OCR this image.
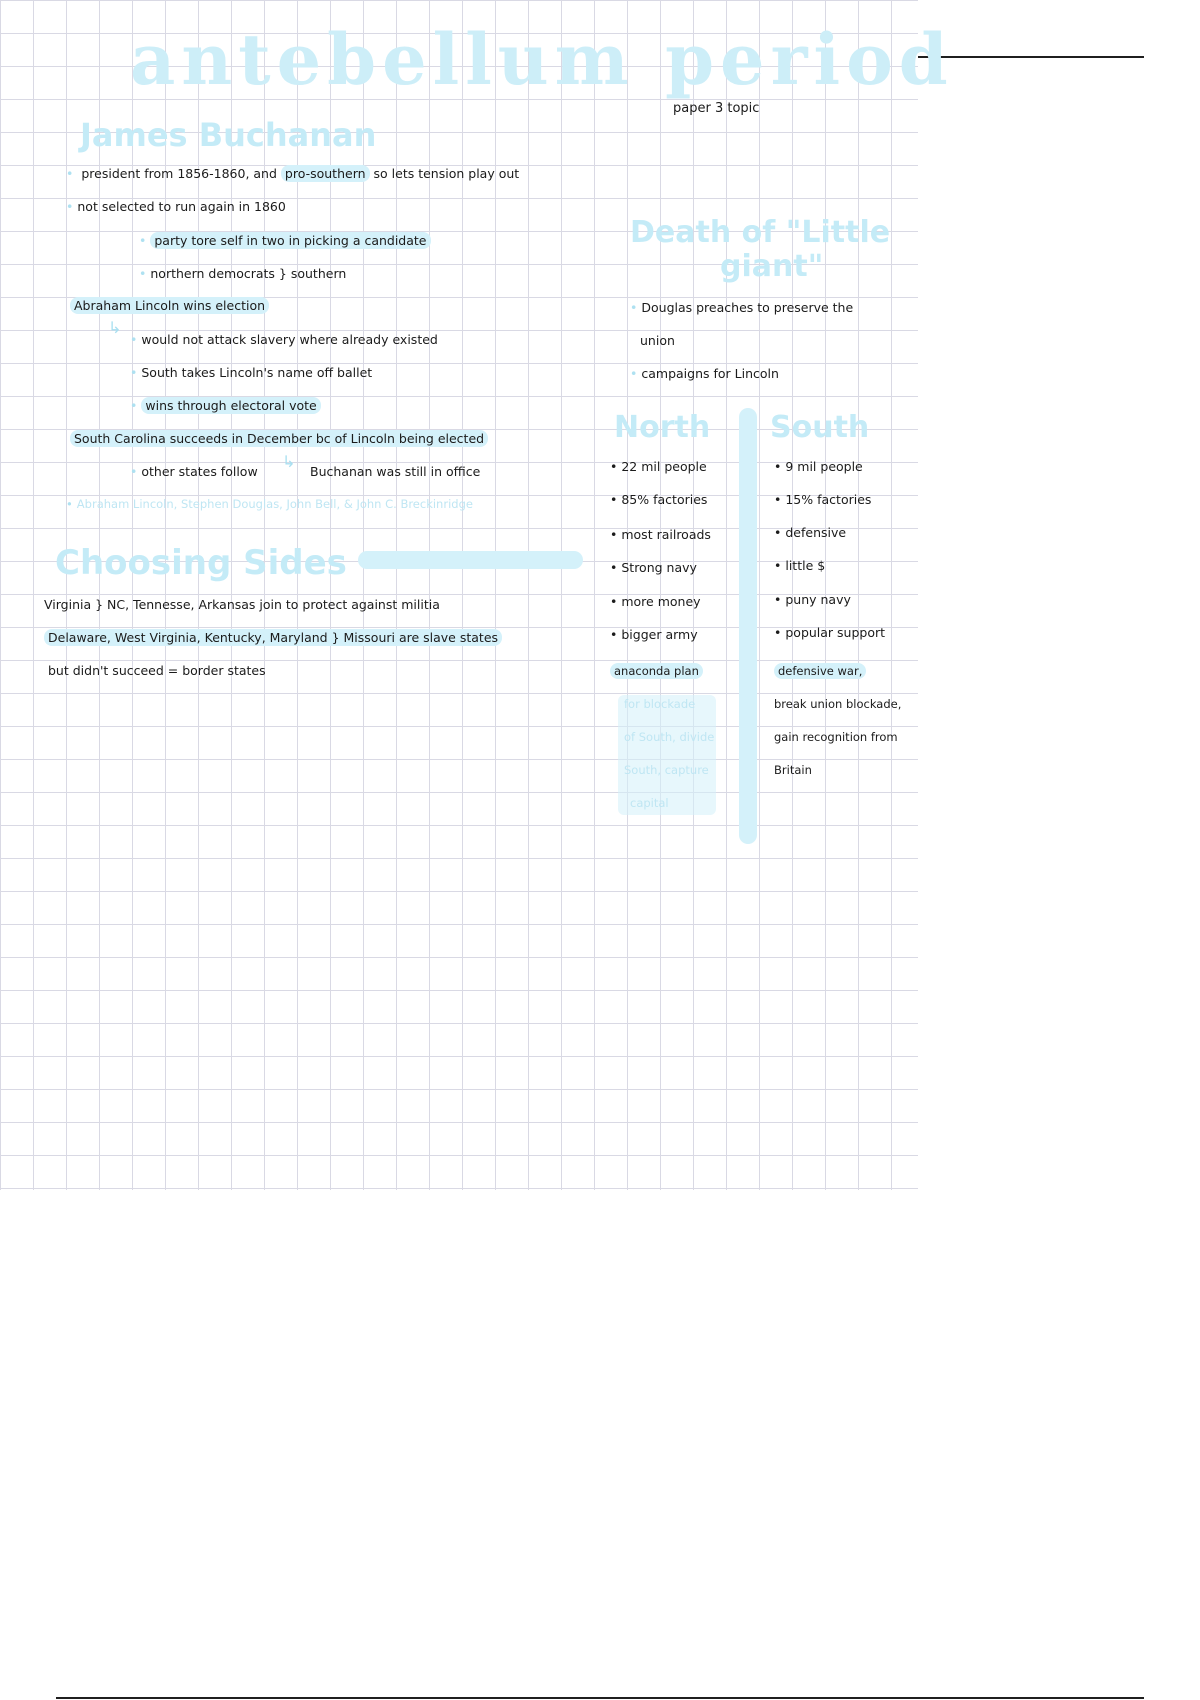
antebellum period
paper 3 topic
James Buchanan
• president from 1856-1860, and pro-southern so lets tension play out
• not selected to run again in 1860
• party tore self in two in picking a candidate
• northern democrats } southern
Abraham Lincoln wins election
↳
• would not attack slavery where already existed
• South takes Lincoln's name off ballet
• wins through electoral vote
South Carolina succeeds in December bc of Lincoln being elected
• other states follow
↳
Buchanan was still in office
• Abraham Lincoln, Stephen Douglas, John Bell, & John C. Breckinridge
Choosing Sides
Virginia } NC, Tennesse, Arkansas join to protect against militia
Delaware, West Virginia, Kentucky, Maryland } Missouri are slave states
but didn't succeed = border states
Death of "Little
giant"
• Douglas preaches to preserve the
union
• campaigns for Lincoln
North South
• 22 mil people
• 85% factories
• most railroads
• Strong navy
• more money
• bigger army
anaconda plan
for blockade
of South, divide
South, capture
capital
• 9 mil people
• 15% factories
• defensive
• little $
• puny navy
• popular support
defensive war,
break union blockade,
gain recognition from
Britain
